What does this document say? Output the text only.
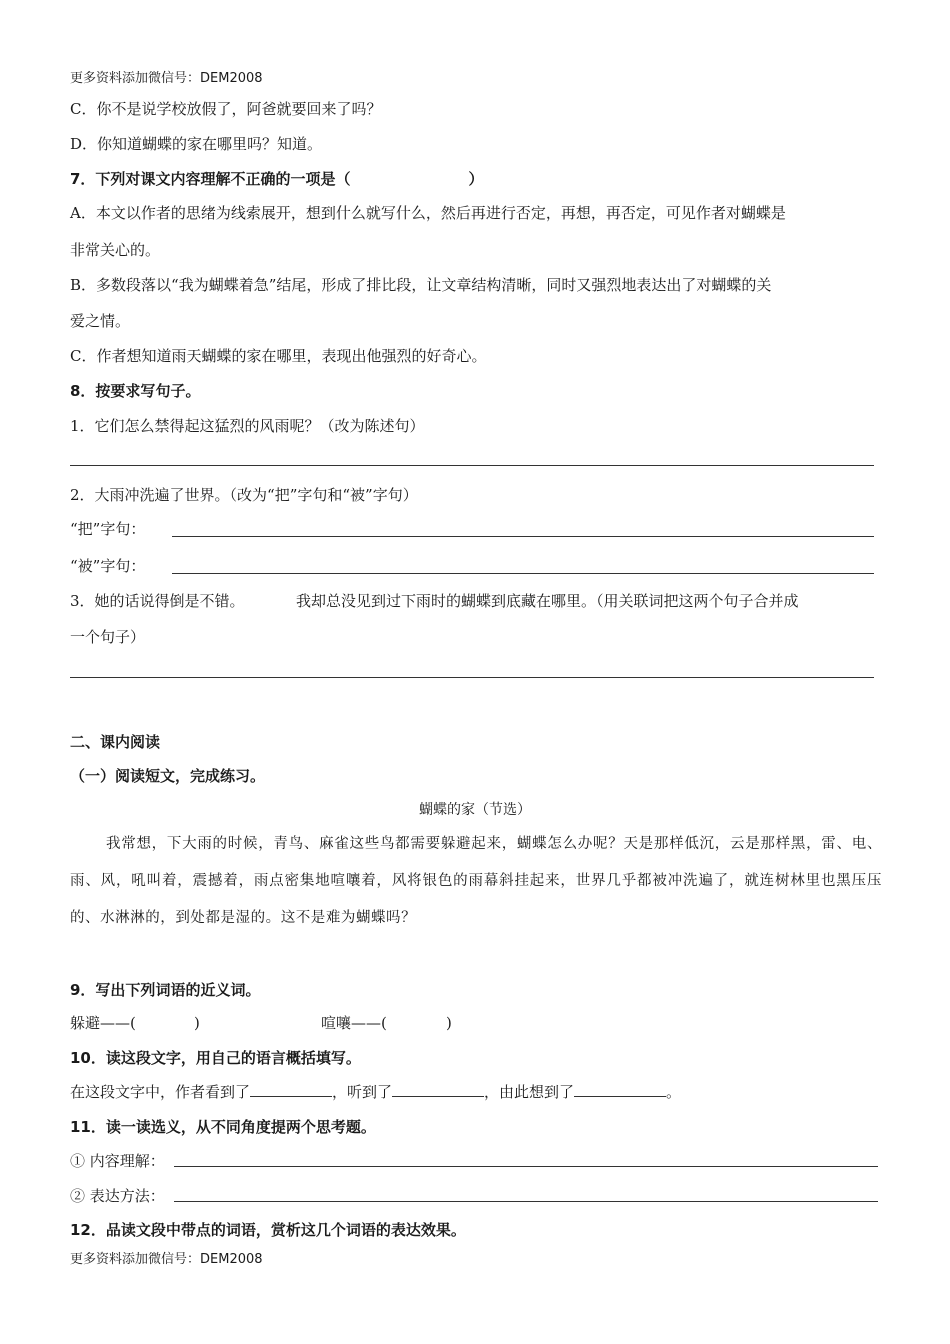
更多资料添加微信号：DEM2008
C．你不是说学校放假了，阿爸就要回来了吗？
D．你知道蝴蝶的家在哪里吗？知道。
7．下列对课文内容理解不正确的一项是（	）
A．本文以作者的思绪为线索展开，想到什么就写什么，然后再进行否定，再想，再否定，可见作者对蝴蝶是
非常关心的。
B．多数段落以“我为蝴蝶着急”结尾，形成了排比段，让文章结构清晰，同时又强烈地表达出了对蝴蝶的关
爱之情。
C．作者想知道雨天蝴蝶的家在哪里，表现出他强烈的好奇心。
8．按要求写句子。
1．它们怎么禁得起这猛烈的风雨呢？（改为陈述句）
2．大雨冲洗遍了世界。（改为“把”字句和“被”字句）
“把”字句：
“被”字句：
3．她的话说得倒是不错。	我却总没见到过下雨时的蝴蝶到底藏在哪里。（用关联词把这两个句子合并成
一个句子）
二、课内阅读
（一）阅读短文，完成练习。
蝴蝶的家（节选）
我常想，下大雨的时候，青鸟、麻雀这些鸟都需要躲避起来，蝴蝶怎么办呢？天是那样低沉，云是那样黑，雷、电、雨、风，吼叫着，震撼着，雨点密集地喧嚷着，风将银色的雨幕斜挂起来，世界几乎都被冲洗遍了，就连树林里也黑压压的、水淋淋的，到处都是湿的。这不是难为蝴蝶吗？
9．写出下列词语的近义词。
躲避——(	)	喧嚷——(	)
10．读这段文字，用自己的语言概括填写。
在这段文字中，作者看到了	，听到了	，由此想到了	。
11．读一读选义，从不同角度提两个思考题。
① 内容理解：
② 表达方法：
12．品读文段中带点的词语，赏析这几个词语的表达效果。
更多资料添加微信号：DEM2008
